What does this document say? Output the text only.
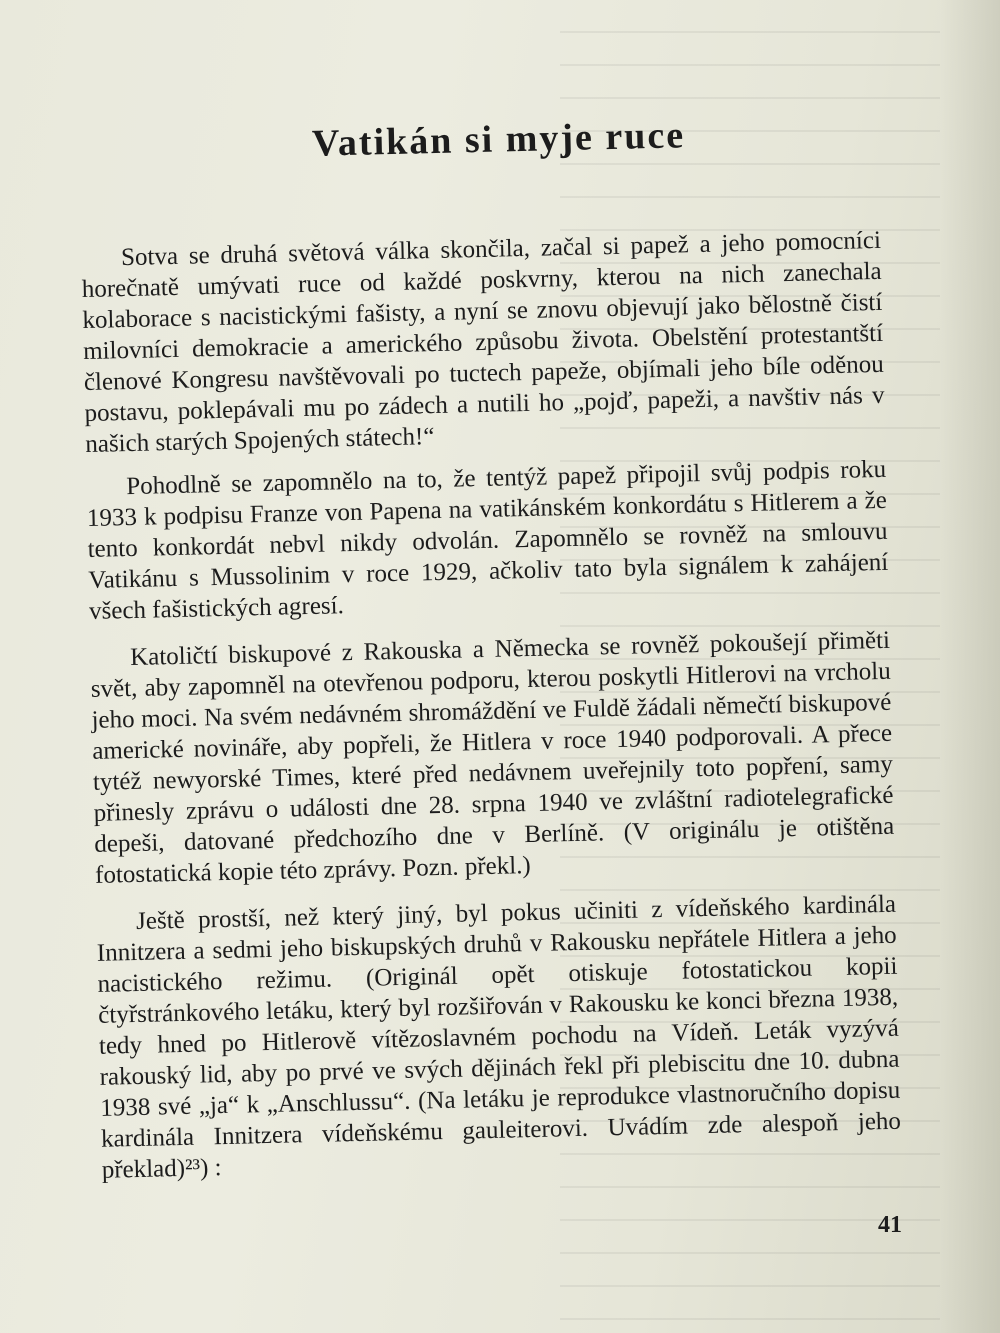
Vatikán si myje ruce

Sotva se druhá světová válka skončila, začal si papež a jeho pomocníci horečnatě umývati ruce od každé poskvrny, kterou na nich zanechala kolaborace s nacistickými fašisty, a nyní se znovu objevují jako bělostně čistí milovníci demokracie a amerického způsobu života. Obelstění protestantští členové Kongresu navštěvovali po tuctech papeže, objímali jeho bíle oděnou postavu, poklepávali mu po zádech a nutili ho „pojď, papeži, a navštiv nás v našich starých Spojených státech!“

Pohodlně se zapomnělo na to, že tentýž papež připojil svůj podpis roku 1933 k podpisu Franze von Papena na vatikánském konkordátu s Hitlerem a že tento konkordát nebvl nikdy odvolán. Zapomnělo se rovněž na smlouvu Vatikánu s Mussolinim v roce 1929, ačkoliv tato byla signálem k zahájení všech fašistických agresí.

Katoličtí biskupové z Rakouska a Německa se rovněž pokoušejí přiměti svět, aby zapomněl na otevřenou podporu, kterou poskytli Hitlerovi na vrcholu jeho moci. Na svém nedávném shromáždění ve Fuldě žádali němečtí biskupové americké novináře, aby popřeli, že Hitlera v roce 1940 podporovali. A přece tytéž newyorské Times, které před nedávnem uveřejnily toto popření, samy přinesly zprávu o události dne 28. srpna 1940 ve zvláštní radiotelegrafické depeši, datované předchozího dne v Berlíně. (V originálu je otištěna fotostatická kopie této zprávy. Pozn. překl.)

Ještě prostší, než který jiný, byl pokus učiniti z vídeňského kardinála Innitzera a sedmi jeho biskupských druhů v Rakousku nepřátele Hitlera a jeho nacistického režimu. (Originál opět otiskuje fotostatickou kopii čtyřstránkového letáku, který byl rozšiřován v Rakousku ke konci března 1938, tedy hned po Hitlerově vítězoslavném pochodu na Vídeň. Leták vyzývá rakouský lid, aby po prvé ve svých dějinách řekl při plebiscitu dne 10. dubna 1938 své „ja“ k „Anschlussu“. (Na letáku je reprodukce vlastnoručního dopisu kardinála Innitzera vídeňskému gauleiterovi. Uvádím zde alespoň jeho překlad)²³) :

41
